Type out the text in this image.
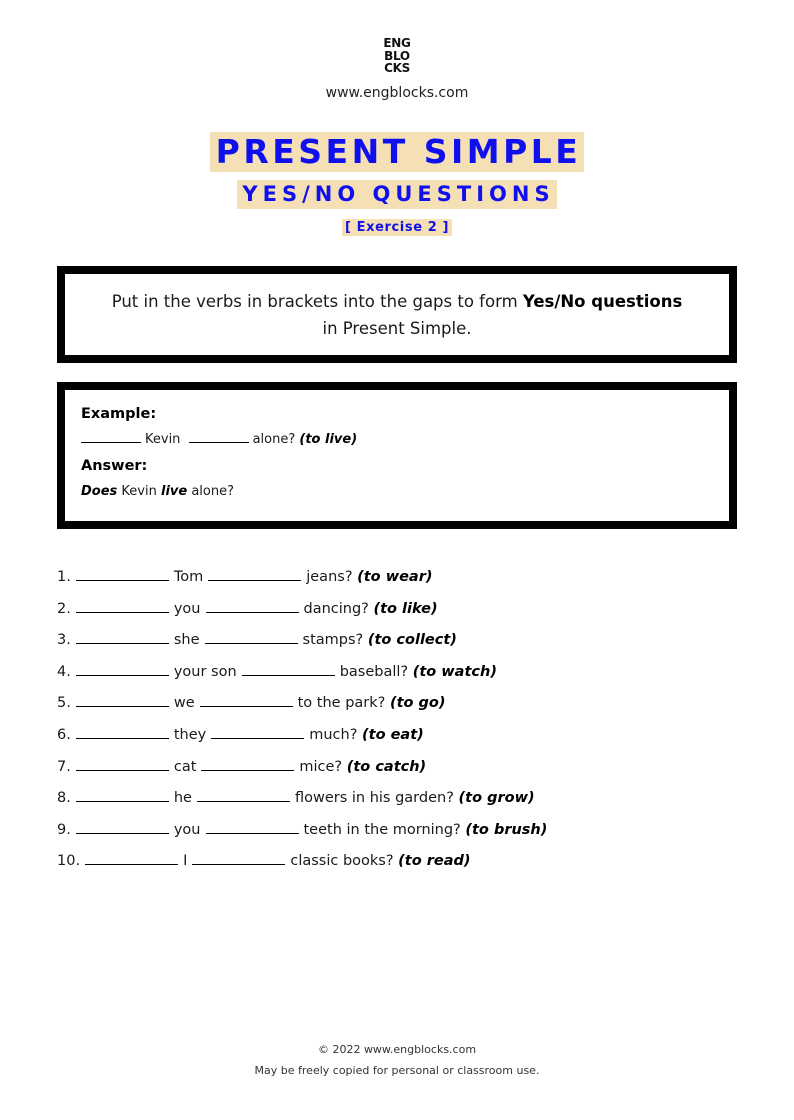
ENG
BLO
CKS
www.engblocks.com
PRESENT SIMPLE
YES/NO QUESTIONS
[ Exercise 2 ]
Put in the verbs in brackets into the gaps to form Yes/No questions
in Present Simple.
Example:
Kevin	alone? (to live)
Answer:
Does Kevin live alone?
1.	Tom	jeans? (to wear)
2.	you	dancing? (to like)
3.	she	stamps? (to collect)
4.	your son	baseball? (to watch)
5.	we	to the park? (to go)
6.	they	much? (to eat)
7.	cat	mice? (to catch)
8.	he	flowers in his garden? (to grow)
9.	you	teeth in the morning? (to brush)
10.	I	classic books? (to read)
© 2022 www.engblocks.com
May be freely copied for personal or classroom use.
